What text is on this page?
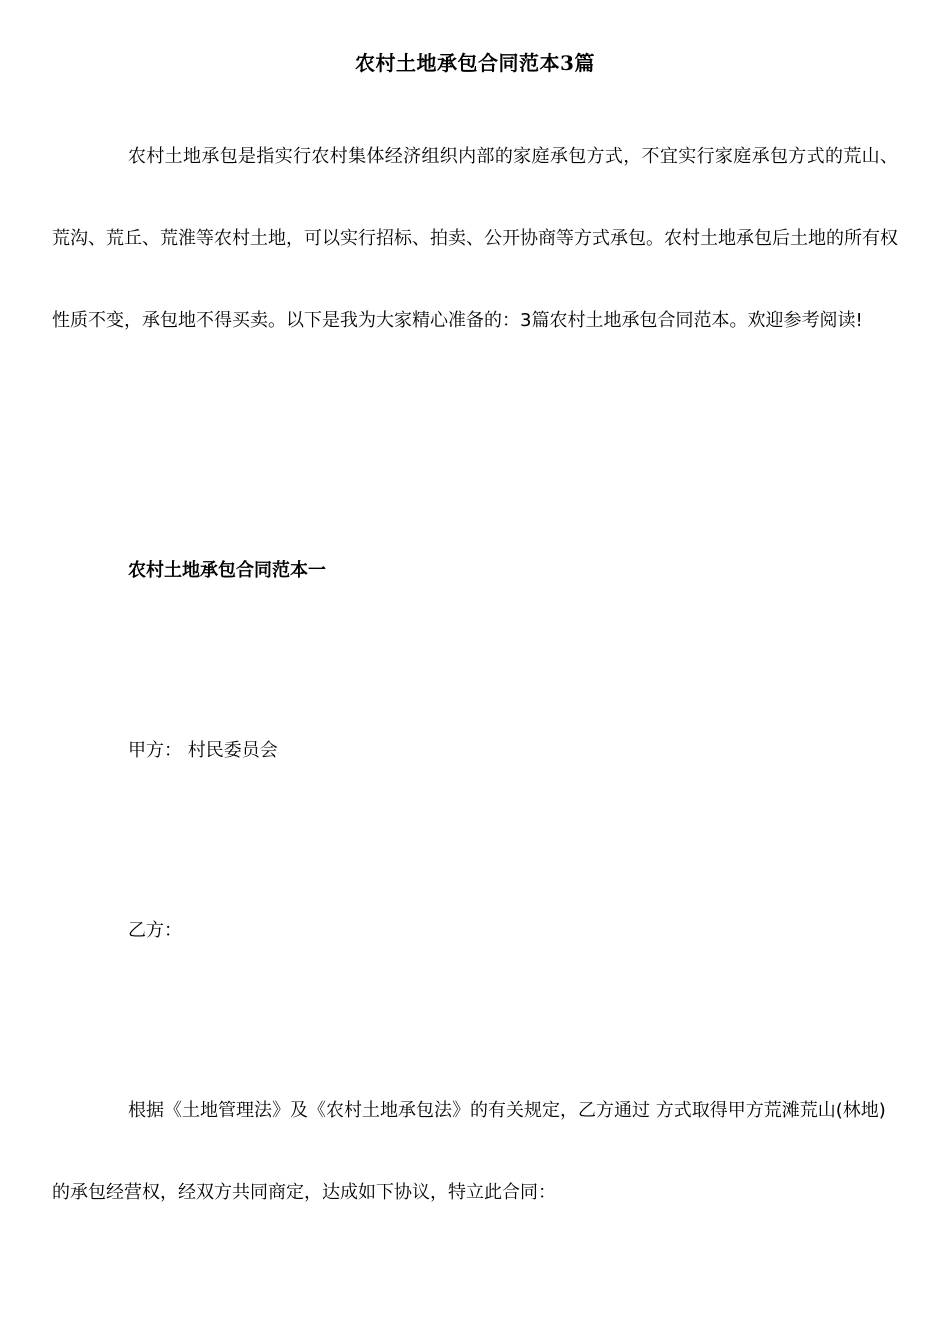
农村土地承包合同范本3篇

农村土地承包是指实行农村集体经济组织内部的家庭承包方式，不宜实行家庭承包方式的荒山、荒沟、荒丘、荒淮等农村土地，可以实行招标、拍卖、公开协商等方式承包。农村土地承包后土地的所有权性质不变，承包地不得买卖。以下是我为大家精心准备的：3篇农村土地承包合同范本。欢迎参考阅读!

农村土地承包合同范本一

甲方： 村民委员会

乙方：

根据《土地管理法》及《农村土地承包法》的有关规定，乙方通过 方式取得甲方荒滩荒山(林地)的承包经营权，经双方共同商定，达成如下协议，特立此合同：
